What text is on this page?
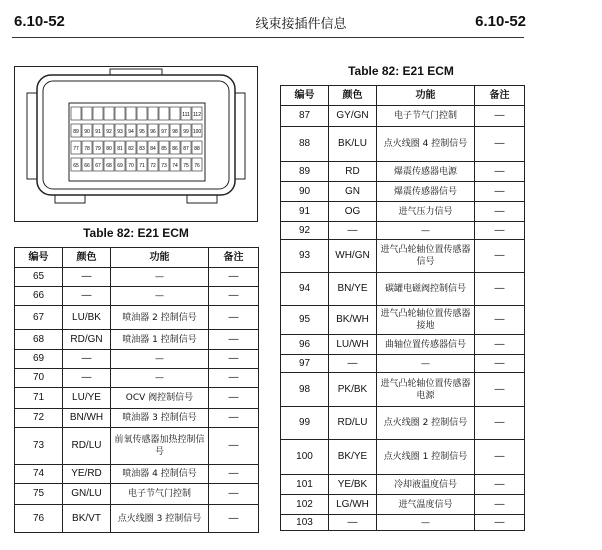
6.10-52	线束接插件信息	6.10-52
111 112
89 90 91 92 93 94 95 96 97 98 99 100
77 78 79 80 81 82 83 84 85 86 87 88
65 66 67 68 69 70 71 72 73 74 75 76
Table 82: E21 ECM
编号	颜色	功能	备注
65	—	—	—
66	—	—	—
67	LU/BK	喷油器 2 控制信号	—
68	RD/GN	喷油器 1 控制信号	—
69	—	—	—
70	—	—	—
71	LU/YE	OCV 阀控制信号	—
72	BN/WH	喷油器 3 控制信号	—
73	RD/LU	前氧传感器加热控制信号	—
74	YE/RD	喷油器 4 控制信号	—
75	GN/LU	电子节气门控制	—
76	BK/VT	点火线圈 3 控制信号	—
Table 82: E21 ECM
编号	颜色	功能	备注
87	GY/GN	电子节气门控制	—
88	BK/LU	点火线圈 4 控制信号	—
89	RD	爆震传感器电源	—
90	GN	爆震传感器信号	—
91	OG	进气压力信号	—
92	—	—	—
93	WH/GN	进气凸轮轴位置传感器信号	—
94	BN/YE	碳罐电磁阀控制信号	—
95	BK/WH	进气凸轮轴位置传感器接地	—
96	LU/WH	曲轴位置传感器信号	—
97	—	—	—
98	PK/BK	进气凸轮轴位置传感器电源	—
99	RD/LU	点火线圈 2 控制信号	—
100	BK/YE	点火线圈 1 控制信号	—
101	YE/BK	冷却液温度信号	—
102	LG/WH	进气温度信号	—
103	—	—	—
